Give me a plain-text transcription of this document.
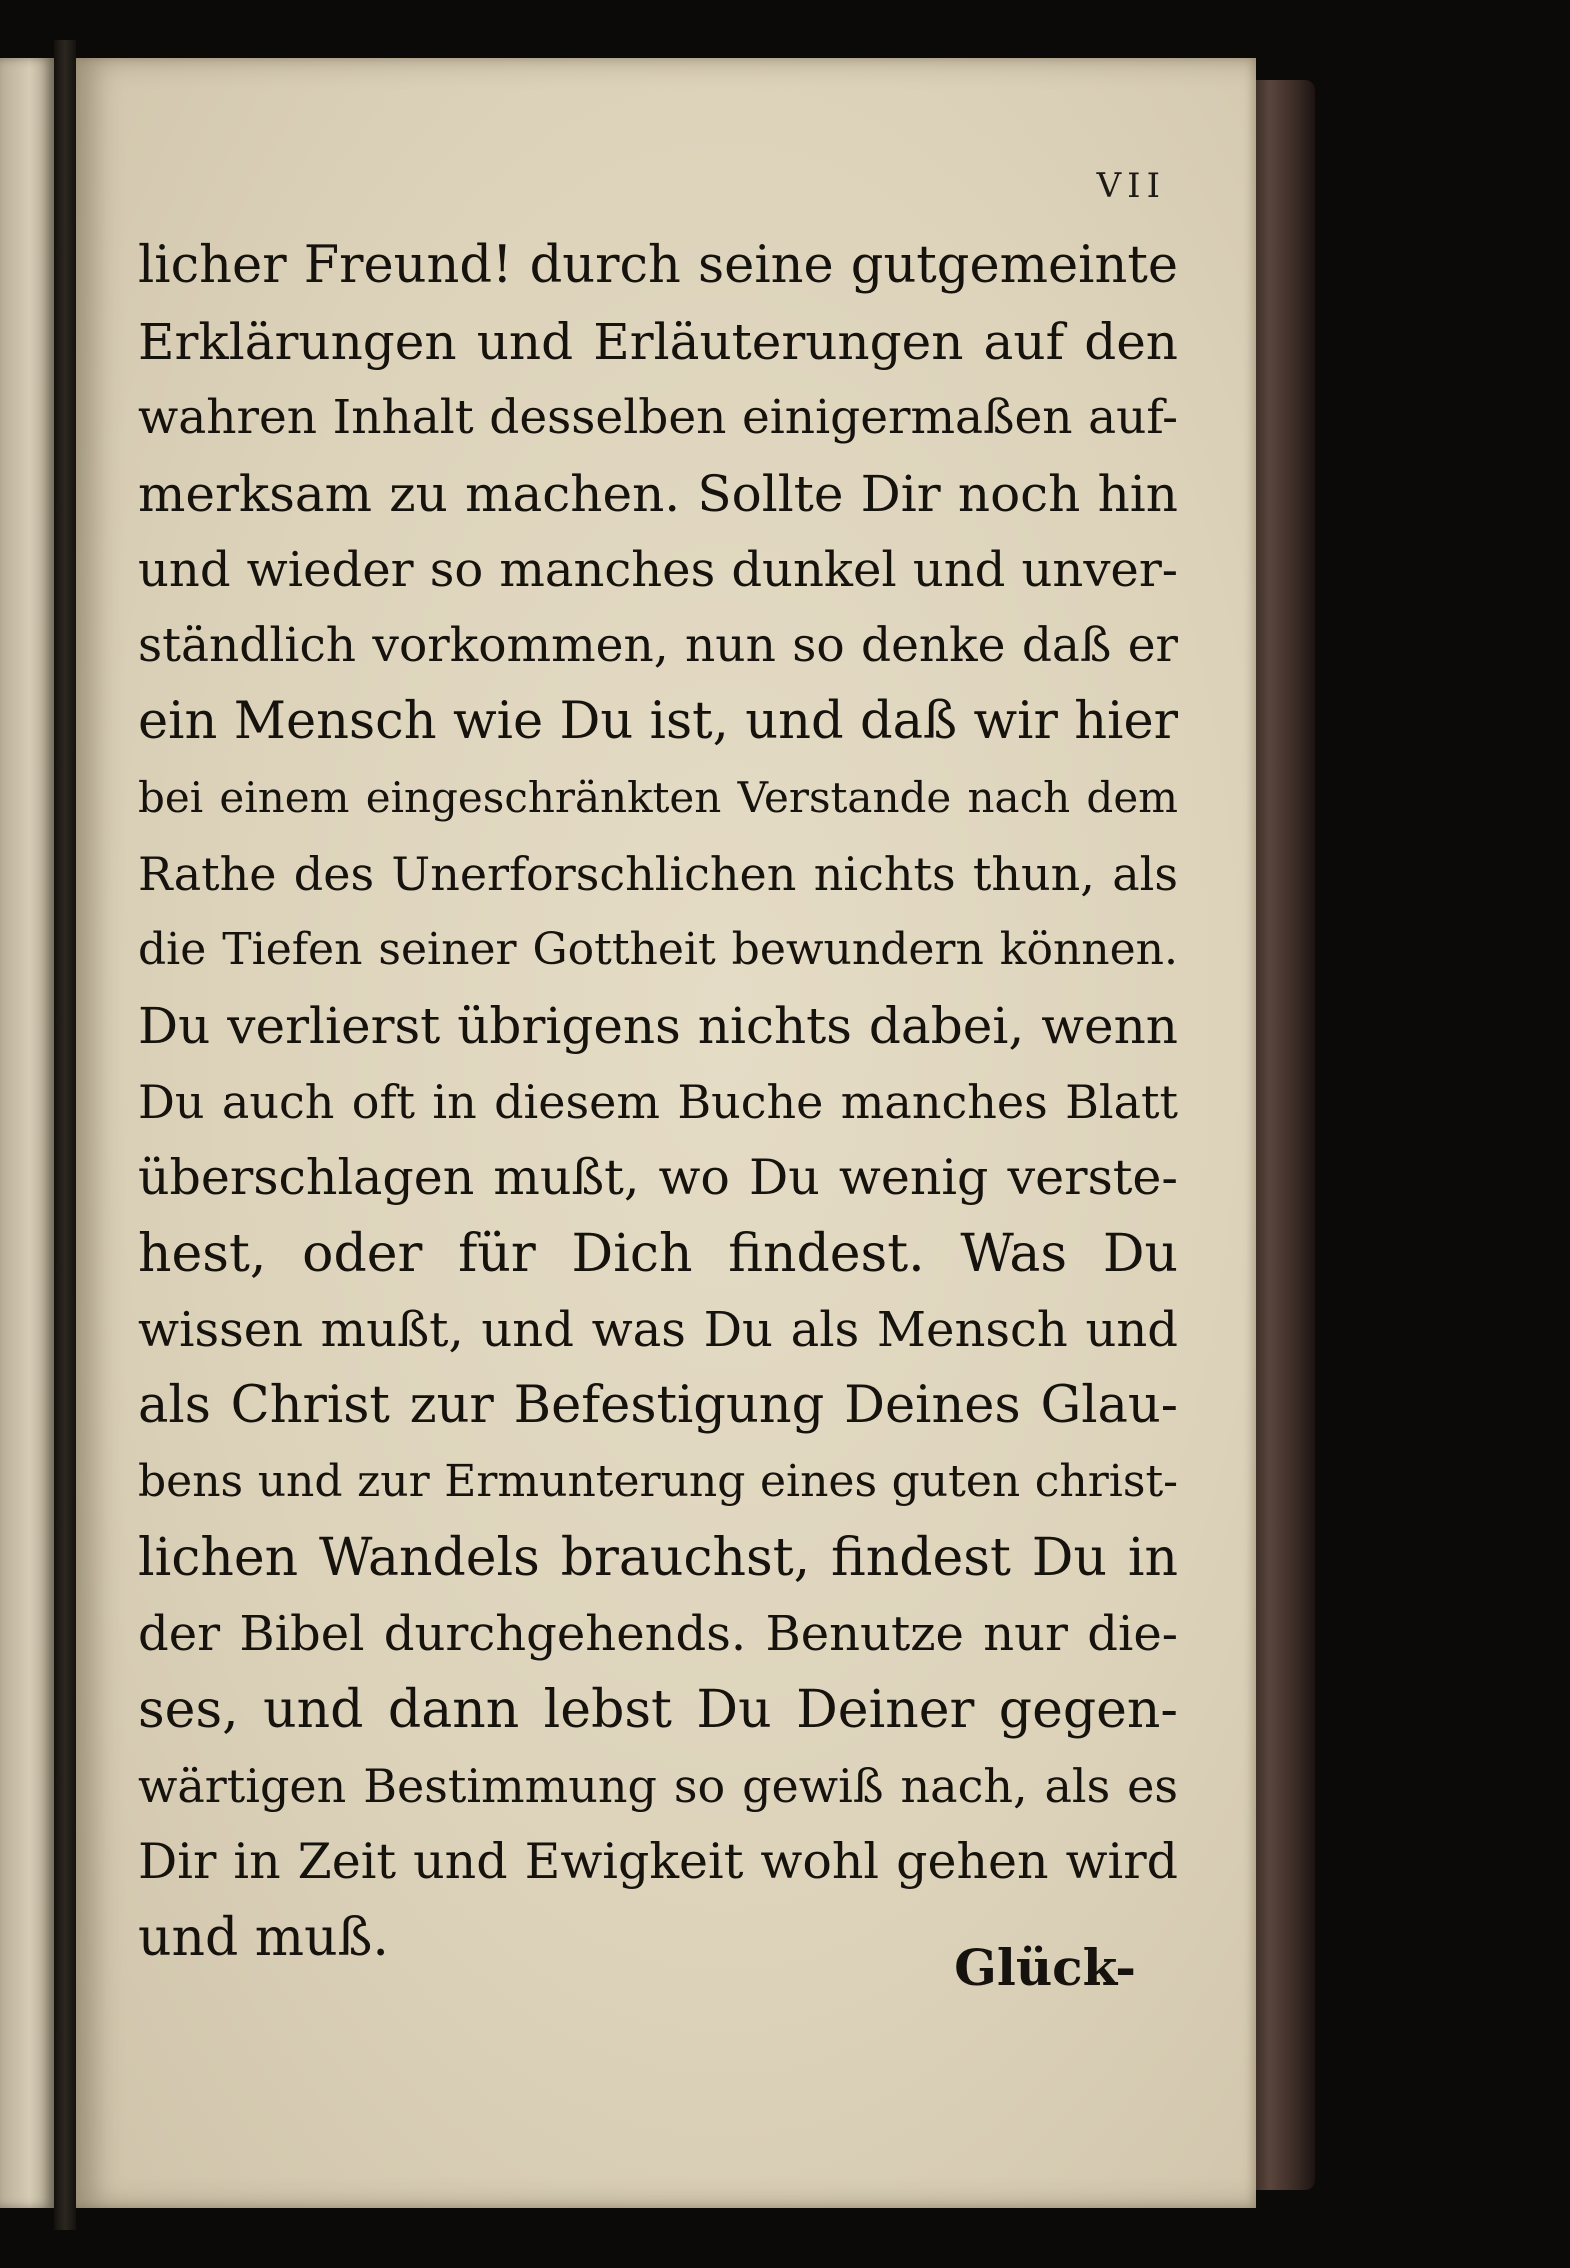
VII
licher Freund! durch seine gutgemeinte
Erklärungen und Erläuterungen auf den
wahren Inhalt desselben einigermaßen auf-
merksam zu machen. Sollte Dir noch hin
und wieder so manches dunkel und unver-
ständlich vorkommen, nun so denke daß er
ein Mensch wie Du ist, und daß wir hier
bei einem eingeschränkten Verstande nach dem
Rathe des Unerforschlichen nichts thun, als
die Tiefen seiner Gottheit bewundern können.
Du verlierst übrigens nichts dabei, wenn
Du auch oft in diesem Buche manches Blatt
überschlagen mußt, wo Du wenig verste-
hest, oder für Dich findest. Was Du
wissen mußt, und was Du als Mensch und
als Christ zur Befestigung Deines Glau-
bens und zur Ermunterung eines guten christ-
lichen Wandels brauchst, findest Du in
der Bibel durchgehends. Benutze nur die-
ses, und dann lebst Du Deiner gegen-
wärtigen Bestimmung so gewiß nach, als es
Dir in Zeit und Ewigkeit wohl gehen wird
und muß.	Glück-
